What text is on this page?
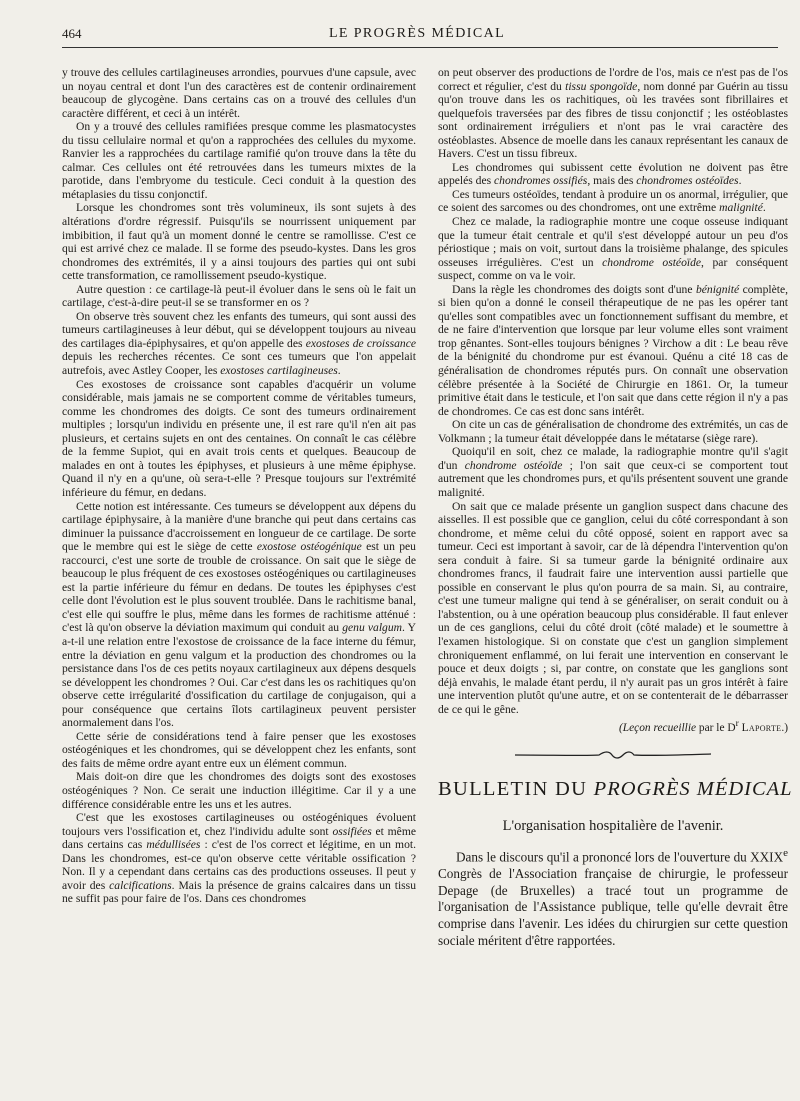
464	LE PROGRÈS MÉDICAL

y trouve des cellules cartilagineuses arrondies, pourvues d'une capsule, avec un noyau central et dont l'un des caractères est de contenir ordinairement beaucoup de glycogène. Dans certains cas on a trouvé des cellules d'un caractère différent, et ceci à un intérêt.

On y a trouvé des cellules ramifiées presque comme les plasmatocystes du tissu cellulaire normal et qu'on a rapprochées des cellules du myxome. Ranvier les a rapprochées du cartilage ramifié qu'on trouve dans la tête du calmar. Ces cellules ont été retrouvées dans les tumeurs mixtes de la parotide, dans l'embryome du testicule. Ceci conduit à la question des métaplasies du tissu conjonctif.

Lorsque les chondromes sont très volumineux, ils sont sujets à des altérations d'ordre régressif. Puisqu'ils se nourrissent uniquement par imbibition, il faut qu'à un moment donné le centre se ramollisse. C'est ce qui est arrivé chez ce malade. Il se forme des pseudo-kystes. Dans les gros chondromes des extrémités, il y a ainsi toujours des parties qui ont subi cette transformation, ce ramollissement pseudo-kystique.

Autre question : ce cartilage-là peut-il évoluer dans le sens où le fait un cartilage, c'est-à-dire peut-il se se transformer en os ?

On observe très souvent chez les enfants des tumeurs, qui sont aussi des tumeurs cartilagineuses à leur début, qui se développent toujours au niveau des cartilages dia-épiphysaires, et qu'on appelle des exostoses de croissance depuis les recherches récentes. Ce sont ces tumeurs que l'on appelait autrefois, avec Astley Cooper, les exostoses cartilagineuses.

Ces exostoses de croissance sont capables d'acquérir un volume considérable, mais jamais ne se comportent comme de véritables tumeurs, comme les chondromes des doigts. Ce sont des tumeurs ordinairement multiples ; lorsqu'un individu en présente une, il est rare qu'il n'en ait pas plusieurs, et certains sujets en ont des centaines. On connaît le cas célèbre de la femme Supiot, qui en avait trois cents et quelques. Beaucoup de malades en ont à toutes les épiphyses, et plusieurs à une même épiphyse. Quand il n'y en a qu'une, où sera-t-elle ? Presque toujours sur l'extrémité inférieure du fémur, en dedans.

Cette notion est intéressante. Ces tumeurs se développent aux dépens du cartilage épiphysaire, à la manière d'une branche qui peut dans certains cas diminuer la puissance d'accroissement en longueur de ce cartilage. De sorte que le membre qui est le siège de cette exostose ostéogénique est un peu raccourci, c'est une sorte de trouble de croissance. On sait que le siège de beaucoup le plus fréquent de ces exostoses ostéogéniques ou cartilagineuses est la partie inférieure du fémur en dedans. De toutes les épiphyses c'est celle dont l'évolution est le plus souvent troublée. Dans le rachitisme banal, c'est elle qui souffre le plus, même dans les formes de rachitisme atténué : c'est là qu'on observe la déviation maximum qui conduit au genu valgum. Y a-t-il une relation entre l'exostose de croissance de la face interne du fémur, entre la déviation en genu valgum et la production des chondromes ou la persistance dans l'os de ces petits noyaux cartilagineux aux dépens desquels se développent les chondromes ? Oui. Car c'est dans les os rachitiques qu'on observe cette irrégularité d'ossification du cartilage de conjugaison, qui a pour conséquence que certains îlots cartilagineux peuvent persister anormalement dans l'os.

Cette série de considérations tend à faire penser que les exostoses ostéogéniques et les chondromes, qui se développent chez les enfants, sont des faits de même ordre ayant entre eux un élément commun.

Mais doit-on dire que les chondromes des doigts sont des exostoses ostéogéniques ? Non. Ce serait une induction illégitime. Car il y a une différence considérable entre les uns et les autres.

C'est que les exostoses cartilagineuses ou ostéogéniques évoluent toujours vers l'ossification et, chez l'individu adulte sont ossifiées et même dans certains cas médullisées : c'est de l'os correct et légitime, en un mot. Dans les chondromes, est-ce qu'on observe cette véritable ossification ? Non. Il y a cependant dans certains cas des productions osseuses. Il peut y avoir des calcifications. Mais la présence de grains calcaires dans un tissu ne suffit pas pour faire de l'os. Dans ces chondromes

on peut observer des productions de l'ordre de l'os, mais ce n'est pas de l'os correct et régulier, c'est du tissu spongoïde, nom donné par Guérin au tissu qu'on trouve dans les os rachitiques, où les travées sont fibrillaires et quelquefois traversées par des fibres de tissu conjonctif ; les ostéoblastes sont ordinairement irréguliers et n'ont pas le vrai caractère des ostéoblastes. Absence de moelle dans les canaux représentant les canaux de Havers. C'est un tissu fibreux.

Les chondromes qui subissent cette évolution ne doivent pas être appelés des chondromes ossifiés, mais des chondromes ostéoïdes.

Ces tumeurs ostéoïdes, tendant à produire un os anormal, irrégulier, que ce soient des sarcomes ou des chondromes, ont une extrême malignité.

Chez ce malade, la radiographie montre une coque osseuse indiquant que la tumeur était centrale et qu'il s'est développé autour un peu d'os périostique ; mais on voit, surtout dans la troisième phalange, des spicules osseuses irrégulières. C'est un chondrome ostéoïde, par conséquent suspect, comme on va le voir.

Dans la règle les chondromes des doigts sont d'une bénignité complète, si bien qu'on a donné le conseil thérapeutique de ne pas les opérer tant qu'elles sont compatibles avec un fonctionnement suffisant du membre, et de ne faire d'intervention que lorsque par leur volume elles sont vraiment trop gênantes. Sont-elles toujours bénignes ? Virchow a dit : Le beau rêve de la bénignité du chondrome pur est évanoui. Quénu a cité 18 cas de généralisation de chondromes réputés purs. On connaît une observation célèbre présentée à la Société de Chirurgie en 1861. Or, la tumeur primitive était dans le testicule, et l'on sait que dans cette région il n'y a pas de chondromes. Ce cas est donc sans intérêt.

On cite un cas de généralisation de chondrome des extrémités, un cas de Volkmann ; la tumeur était développée dans le métatarse (siège rare).

Quoiqu'il en soit, chez ce malade, la radiographie montre qu'il s'agit d'un chondrome ostéoïde ; l'on sait que ceux-ci se comportent tout autrement que les chondromes purs, et qu'ils présentent souvent une grande malignité.

On sait que ce malade présente un ganglion suspect dans chacune des aisselles. Il est possible que ce ganglion, celui du côté correspondant à son chondrome, et même celui du côté opposé, soient en rapport avec sa tumeur. Ceci est important à savoir, car de là dépendra l'intervention qu'on sera conduit à faire. Si sa tumeur garde la bénignité ordinaire aux chondromes francs, il faudrait faire une intervention aussi partielle que possible en conservant le plus qu'on pourra de sa main. Si, au contraire, c'est une tumeur maligne qui tend à se généraliser, on serait conduit ou à l'abstention, ou à une opération beaucoup plus considérable. Il faut enlever un de ces ganglions, celui du côté droit (côté malade) et le soumettre à l'examen histologique. Si on constate que c'est un ganglion simplement chroniquement enflammé, on lui ferait une intervention en conservant le pouce et deux doigts ; si, par contre, on constate que les ganglions sont déjà envahis, le malade étant perdu, il n'y aurait pas un gros intérêt à faire une intervention plutôt qu'une autre, et on se contenterait de le débarrasser de ce qui le gêne.

(Leçon recueillie par le $D^r$ Laporte.)
BULLETIN DU PROGRÈS MÉDICAL
L'organisation hospitalière de l'avenir.

Dans le discours qu'il a prononcé lors de l'ouverture du XXIXe Congrès de l'Association française de chirurgie, le professeur Depage (de Bruxelles) a tracé tout un programme de l'organisation de l'Assistance publique, telle qu'elle devrait être comprise dans l'avenir. Les idées du chirurgien sur cette question sociale méritent d'être rapportées.
